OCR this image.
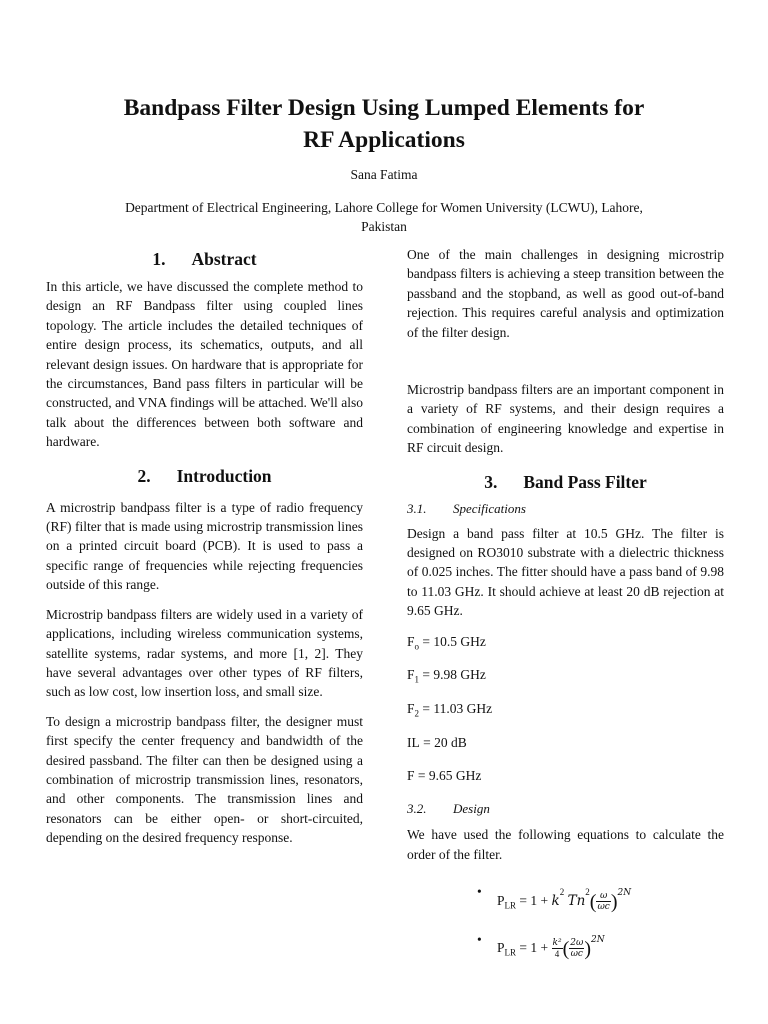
Bandpass Filter Design Using Lumped Elements for
RF Applications
Sana Fatima
Department of Electrical Engineering, Lahore College for Women University (LCWU), Lahore,
Pakistan
1. Abstract

In this article, we have discussed the complete method to design an RF Bandpass filter using coupled lines topology. The article includes the detailed techniques of entire design process, its schematics, outputs, and all relevant design issues. On hardware that is appropriate for the circumstances, Band pass filters in particular will be constructed, and VNA findings will be attached. We'll also talk about the differences between both software and hardware.

2. Introduction

A microstrip bandpass filter is a type of radio frequency (RF) filter that is made using microstrip transmission lines on a printed circuit board (PCB). It is used to pass a specific range of frequencies while rejecting frequencies outside of this range.

Microstrip bandpass filters are widely used in a variety of applications, including wireless communication systems, satellite systems, radar systems, and more [1, 2]. They have several advantages over other types of RF filters, such as low cost, low insertion loss, and small size.

To design a microstrip bandpass filter, the designer must first specify the center frequency and bandwidth of the desired passband. The filter can then be designed using a combination of microstrip transmission lines, resonators, and other components. The transmission lines and resonators can be either open- or short-circuited, depending on the desired frequency response.

One of the main challenges in designing microstrip bandpass filters is achieving a steep transition between the passband and the stopband, as well as good out-of-band rejection. This requires careful analysis and optimization of the filter design.

Microstrip bandpass filters are an important component in a variety of RF systems, and their design requires a combination of engineering knowledge and expertise in RF circuit design.

3. Band Pass Filter

3.1. Specifications

Design a band pass filter at 10.5 GHz. The filter is designed on RO3010 substrate with a dielectric thickness of 0.025 inches. The fitter should have a pass band of 9.98 to 11.03 GHz. It should achieve at least 20 dB rejection at 9.65 GHz.

$F_o = 10.5$ GHz

$F_1 = 9.98$ GHz

$F_2 = 11.03$ GHz

IL = 20 dB

F = 9.65 GHz

3.2. Design

We have used the following equations to calculate the order of the filter.

•
$P_{LR} = 1 + k^2$ $Tn^2( \frac{\omega}{\omega c} )^{2N}$
•
$P_{LR} = 1 + \frac{\text{k²}}{4}$ ( $\frac{2\omega}{\omega c} )^{2N}$
